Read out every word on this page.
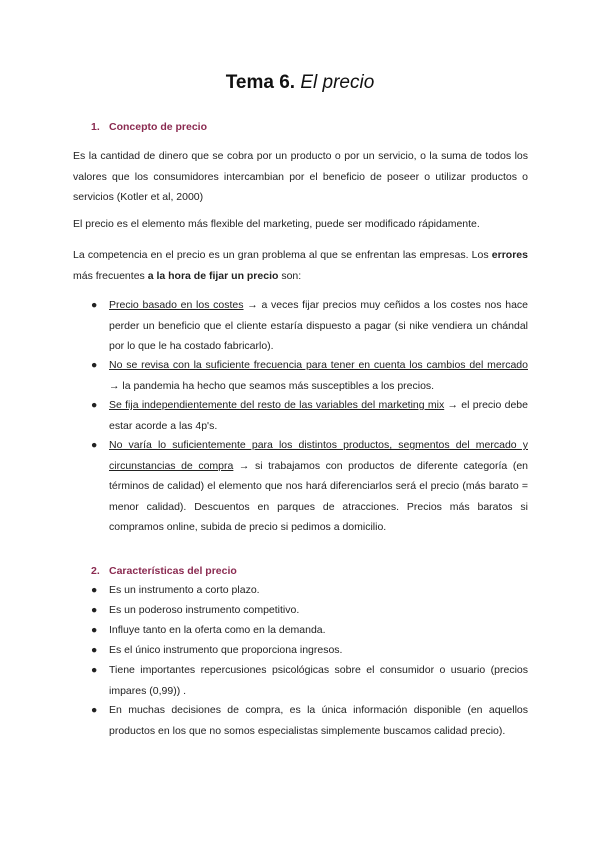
Tema 6. El precio
1. Concepto de precio

Es la cantidad de dinero que se cobra por un producto o por un servicio, o la suma de todos los valores que los consumidores intercambian por el beneficio de poseer o utilizar productos o servicios (Kotler et al, 2000)

El precio es el elemento más flexible del marketing, puede ser modificado rápidamente.

La competencia en el precio es un gran problema al que se enfrentan las empresas. Los errores más frecuentes a la hora de fijar un precio son:

● Precio basado en los costes → a veces fijar precios muy ceñidos a los costes nos hace perder un beneficio que el cliente estaría dispuesto a pagar (si nike vendiera un chándal por lo que le ha costado fabricarlo).
● No se revisa con la suficiente frecuencia para tener en cuenta los cambios del mercado → la pandemia ha hecho que seamos más susceptibles a los precios.
● Se fija independientemente del resto de las variables del marketing mix → el precio debe estar acorde a las 4p's.
● No varía lo suficientemente para los distintos productos, segmentos del mercado y circunstancias de compra → si trabajamos con productos de diferente categoría (en términos de calidad) el elemento que nos hará diferenciarlos será el precio (más barato = menor calidad). Descuentos en parques de atracciones. Precios más baratos si compramos online, subida de precio si pedimos a domicilio.
2. Características del precio
● Es un instrumento a corto plazo.
● Es un poderoso instrumento competitivo.
● Influye tanto en la oferta como en la demanda.
● Es el único instrumento que proporciona ingresos.
● Tiene importantes repercusiones psicológicas sobre el consumidor o usuario (precios impares (0,99)) .
● En muchas decisiones de compra, es la única información disponible (en aquellos productos en los que no somos especialistas simplemente buscamos calidad precio).
